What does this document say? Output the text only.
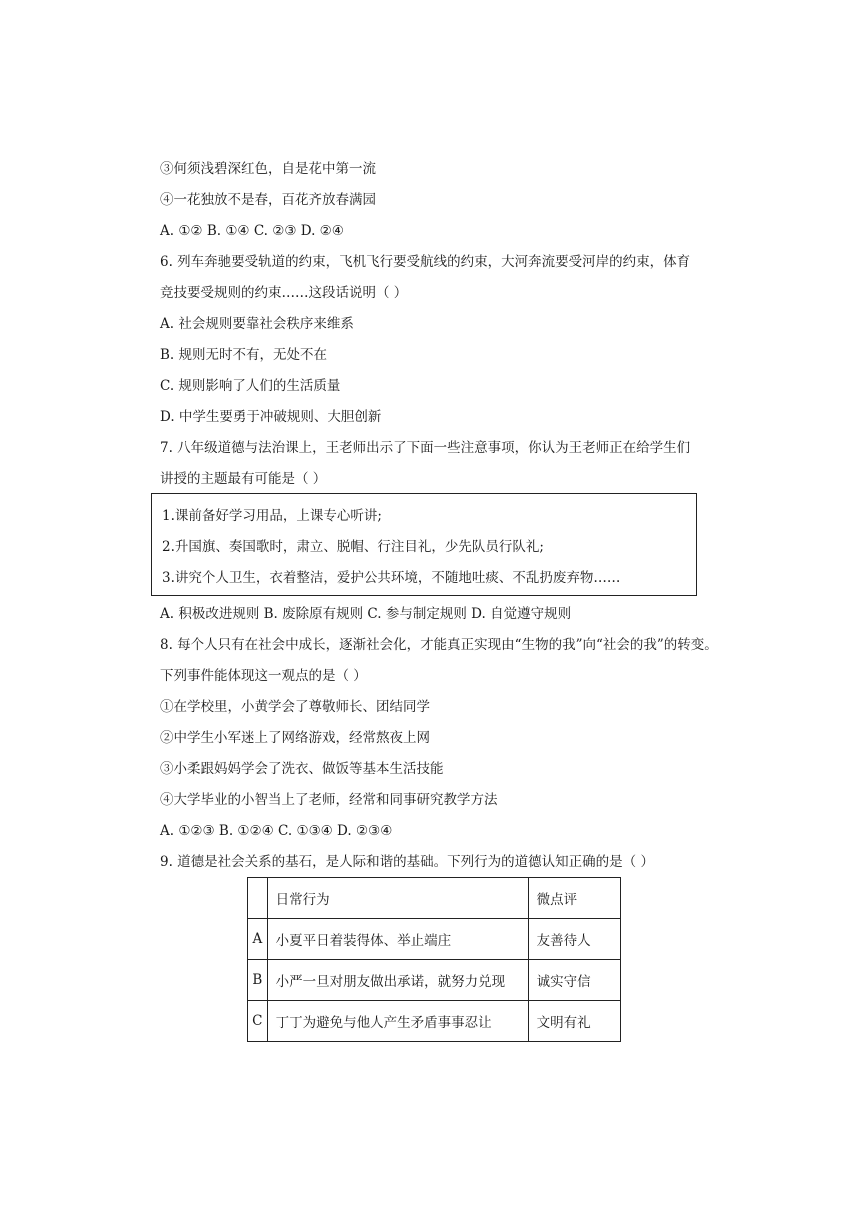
③何须浅碧深红色，自是花中第一流
④一花独放不是春，百花齐放春满园
A. ①② B. ①④ C. ②③ D. ②④
6. 列车奔驰要受轨道的约束，飞机飞行要受航线的约束，大河奔流要受河岸的约束，体育
竞技要受规则的约束……这段话说明（ ）
A. 社会规则要靠社会秩序来维系
B. 规则无时不有，无处不在
C. 规则影响了人们的生活质量
D. 中学生要勇于冲破规则、大胆创新
7. 八年级道德与法治课上，王老师出示了下面一些注意事项，你认为王老师正在给学生们
讲授的主题最有可能是（ ）
1.课前备好学习用品，上课专心听讲;
2.升国旗、奏国歌时，肃立、脱帽、行注目礼，少先队员行队礼;
3.讲究个人卫生，衣着整洁，爱护公共环境，不随地吐痰、不乱扔废弃物……
A. 积极改进规则 B. 废除原有规则 C. 参与制定规则 D. 自觉遵守规则
8. 每个人只有在社会中成长，逐渐社会化，才能真正实现由“生物的我”向“社会的我”的转变。
下列事件能体现这一观点的是（ ）
①在学校里，小黄学会了尊敬师长、团结同学
②中学生小军迷上了网络游戏，经常熬夜上网
③小柔跟妈妈学会了洗衣、做饭等基本生活技能
④大学毕业的小智当上了老师，经常和同事研究教学方法
A. ①②③ B. ①②④ C. ①③④ D. ②③④
9. 道德是社会关系的基石，是人际和谐的基础。下列行为的道德认知正确的是（ ）
	日常行为	微点评
A	小夏平日着装得体、举止端庄	友善待人
B	小严一旦对朋友做出承诺，就努力兑现	诚实守信
C	丁丁为避免与他人产生矛盾事事忍让	文明有礼
